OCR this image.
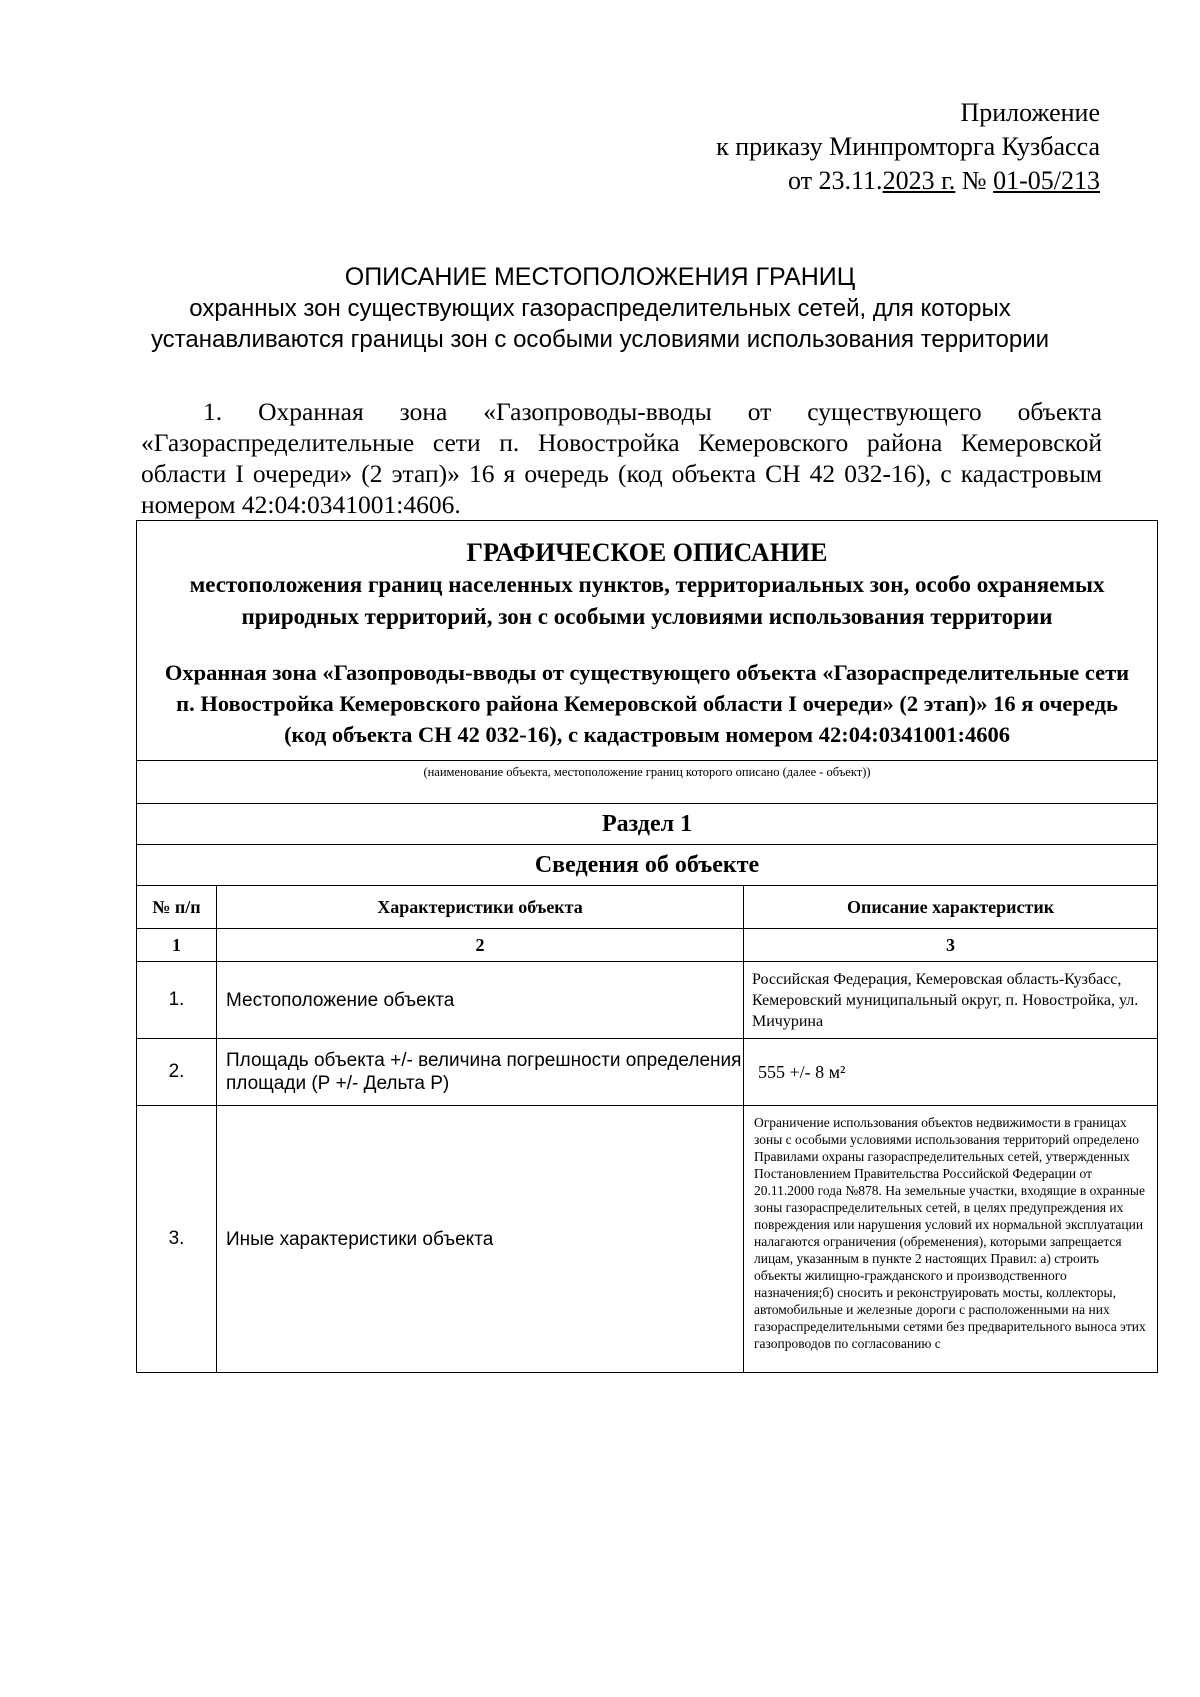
Приложение
к приказу Минпромторга Кузбасса
от 23.11.2023 г. № 01-05/213
ОПИСАНИЕ МЕСТОПОЛОЖЕНИЯ ГРАНИЦ
охранных зон существующих газораспределительных сетей, для которых
устанавливаются границы зон с особыми условиями использования территории
1. Охранная зона «Газопроводы-вводы от существующего объекта «Газораспределительные сети п. Новостройка Кемеровского района Кемеровской области I очереди» (2 этап)» 16 я очередь (код объекта СН 42 032-16), с кадастровым номером 42:04:0341001:4606.
ГРАФИЧЕСКОЕ ОПИСАНИЕ
местоположения границ населенных пунктов, территориальных зон, особо охраняемых природных территорий, зон с особыми условиями использования территории
Охранная зона «Газопроводы-вводы от существующего объекта «Газораспределительные сети п. Новостройка Кемеровского района Кемеровской области I очереди» (2 этап)» 16 я очередь (код объекта СН 42 032-16), с кадастровым номером 42:04:0341001:4606		

(наименование объекта, местоположение границ которого описано (далее - объект))		
Раздел 1		
Сведения об объекте		
№ п/п	Характеристики объекта	Описание характеристик
1	2	3
1.	Местоположение объекта	Российская Федерация, Кемеровская область-Кузбасс, Кемеровский муниципальный округ, п. Новостройка, ул. Мичурина
2.	Площадь объекта +/- величина погрешности определения площади (Р +/- Дельта Р)	555 +/- 8 м²
3.	Иные характеристики объекта	Ограничение использования объектов недвижимости в границах зоны с особыми условиями использования территорий определено Правилами охраны газораспределительных сетей, утвержденных Постановлением Правительства Российской Федерации от 20.11.2000 года №878. На земельные участки, входящие в охранные зоны газораспределительных сетей, в целях предупреждения их повреждения или нарушения условий их нормальной эксплуатации налагаются ограничения (обременения), которыми запрещается лицам, указанным в пункте 2 настоящих Правил: а) строить объекты жилищно-гражданского и производственного назначения;б) сносить и реконструировать мосты, коллекторы, автомобильные и железные дороги с расположенными на них газораспределительными сетями без предварительного выноса этих газопроводов по согласованию с
